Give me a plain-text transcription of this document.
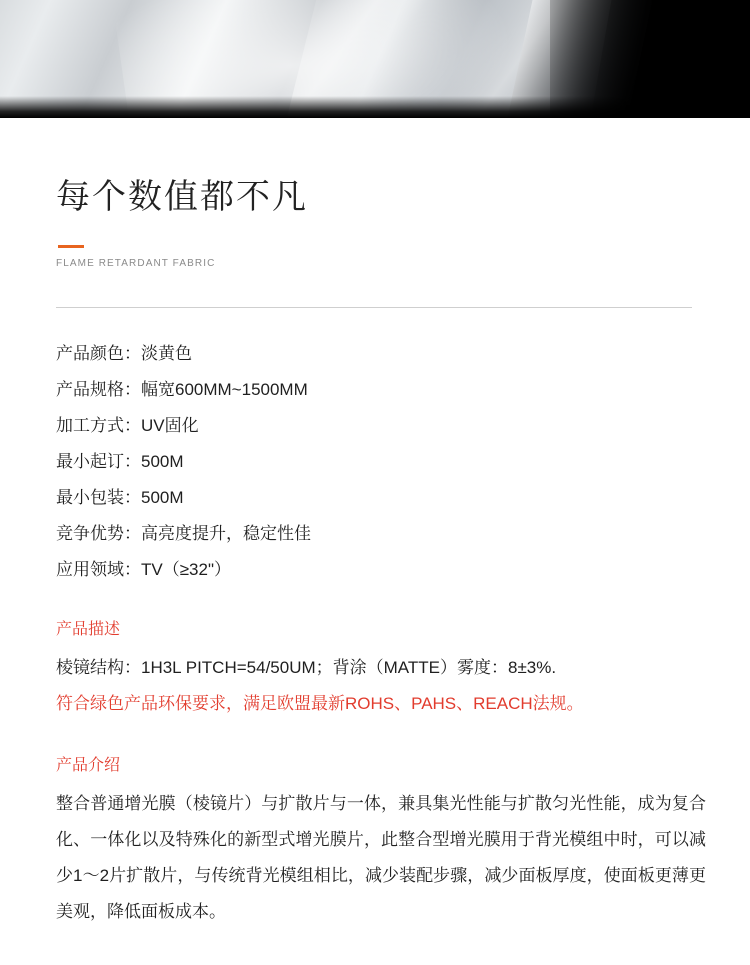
每个数值都不凡

FLAME RETARDANT FABRIC

产品颜色：淡黄色
产品规格：幅宽600MM~1500MM
加工方式：UV固化
最小起订：500M
最小包装：500M
竞争优势：高亮度提升，稳定性佳
应用领域：TV（≥32"）

产品描述

棱镜结构：1H3L PITCH=54/50UM；背涂（MATTE）雾度：8±3%.

符合绿色产品环保要求，满足欧盟最新ROHS、PAHS、REACH法规。

产品介绍

整合普通增光膜（棱镜片）与扩散片与一体，兼具集光性能与扩散匀光性能，成为复合化、一体化以及特殊化的新型式增光膜片，此整合型增光膜用于背光模组中时，可以减少1～2片扩散片，与传统背光模组相比，减少装配步骤，减少面板厚度，使面板更薄更美观，降低面板成本。
